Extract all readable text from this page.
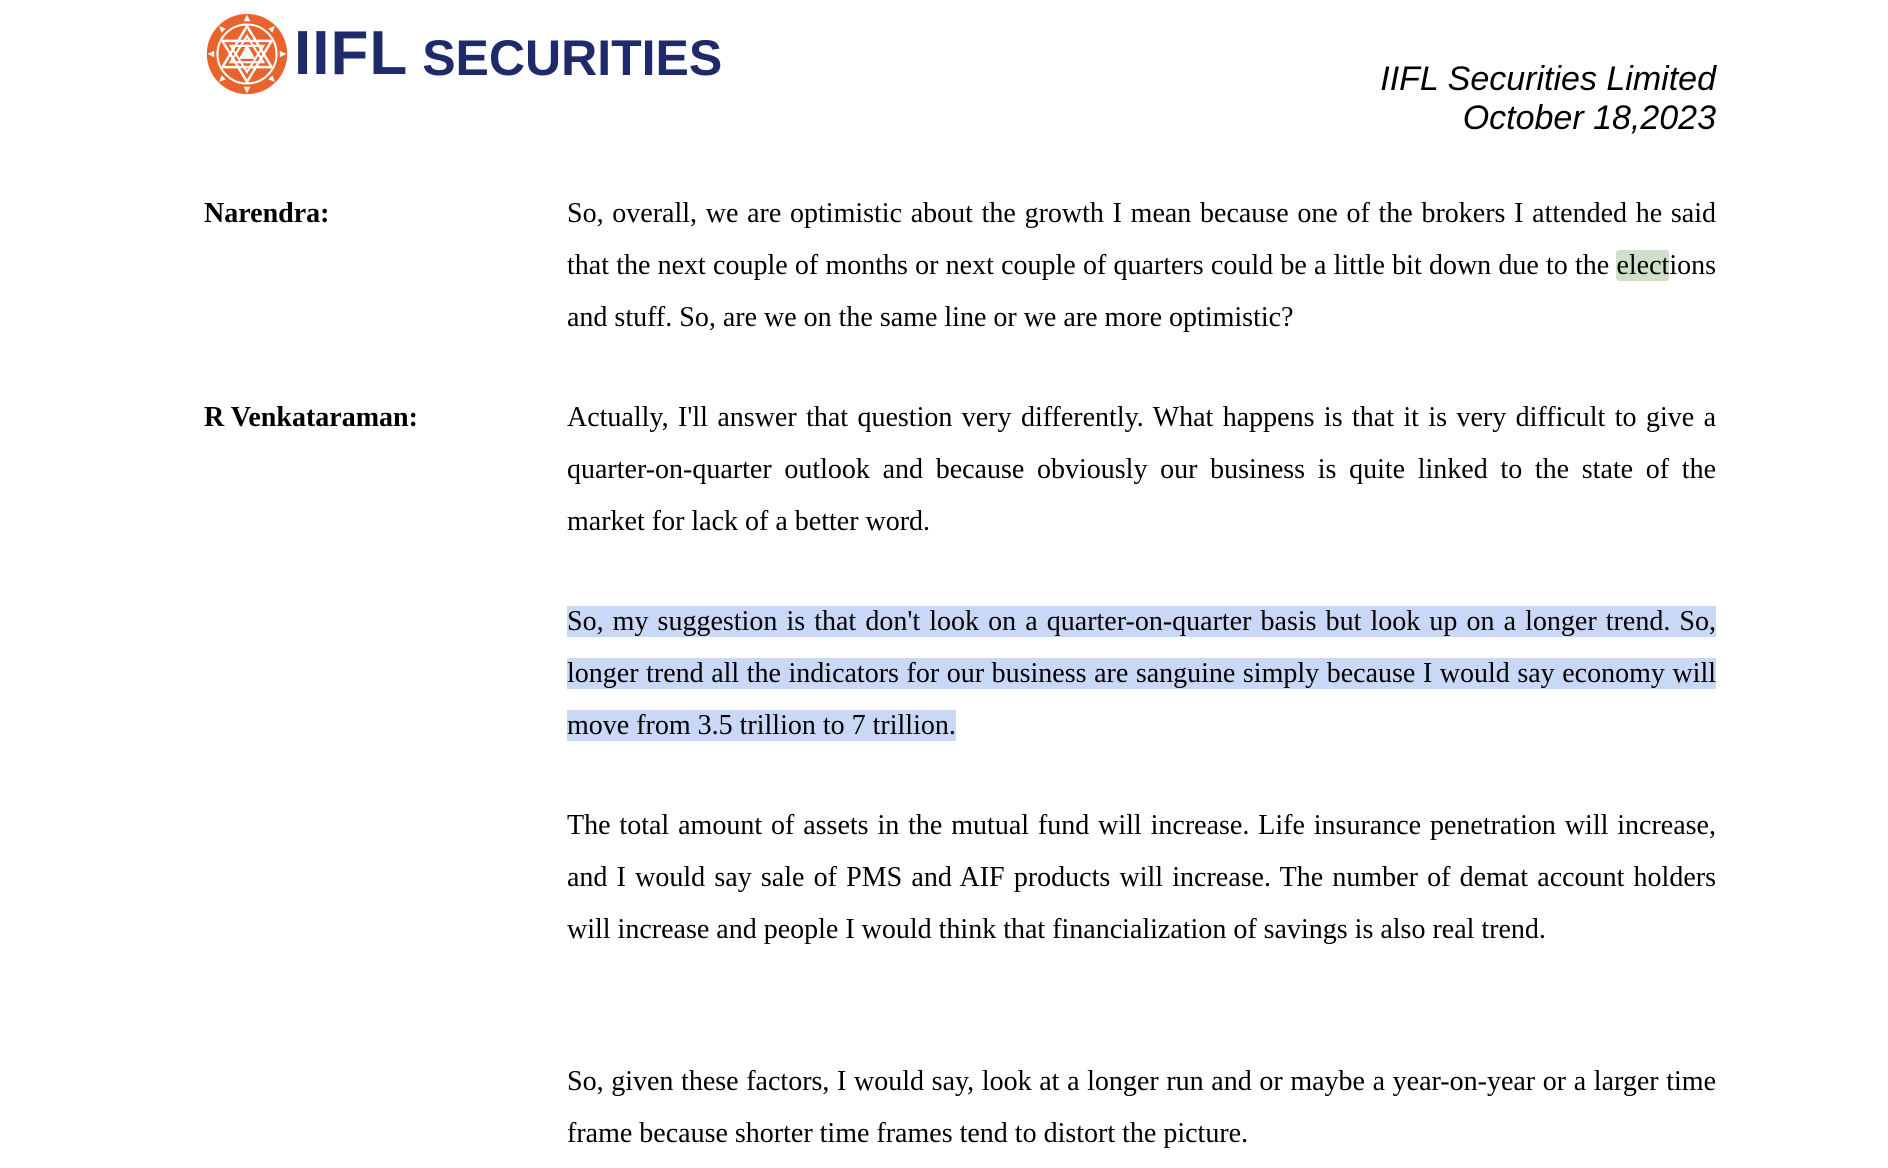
IIFL SECURITIES	IIFL Securities Limited
October 18,2023
Narendra:	So, overall, we are optimistic about the growth I mean because one of the brokers I attended he said that the next couple of months or next couple of quarters could be a little bit down due to the elections and stuff. So, are we on the same line or we are more optimistic?
R Venkataraman:	Actually, I'll answer that question very differently. What happens is that it is very difficult to give a quarter-on-quarter outlook and because obviously our business is quite linked to the state of the market for lack of a better word.
So, my suggestion is that don't look on a quarter-on-quarter basis but look up on a longer trend. So, longer trend all the indicators for our business are sanguine simply because I would say economy will move from 3.5 trillion to 7 trillion.
The total amount of assets in the mutual fund will increase. Life insurance penetration will increase, and I would say sale of PMS and AIF products will increase. The number of demat account holders will increase and people I would think that financialization of savings is also real trend.
So, given these factors, I would say, look at a longer run and or maybe a year-on-year or a larger time frame because shorter time frames tend to distort the picture.
